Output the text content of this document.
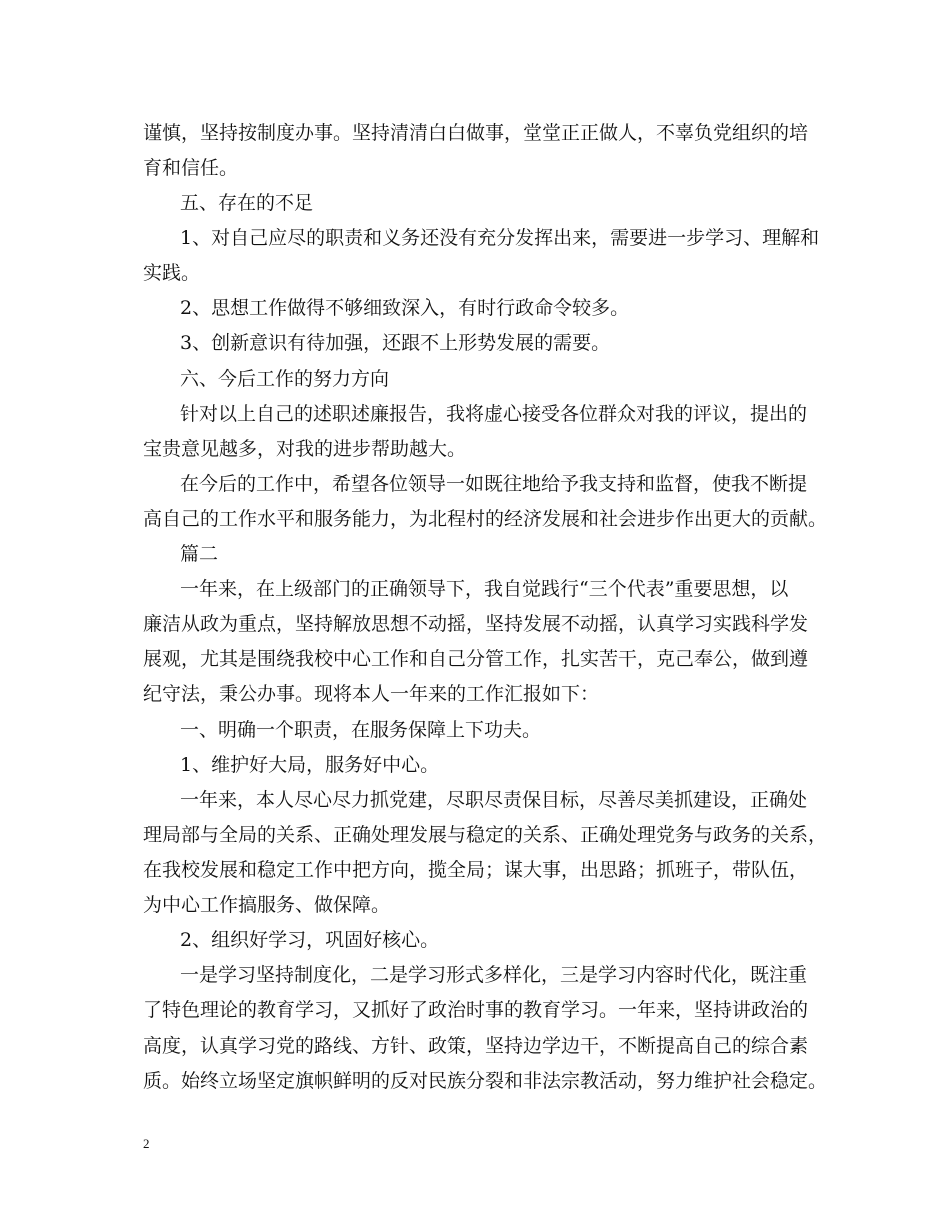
谨慎，坚持按制度办事。坚持清清白白做事，堂堂正正做人，不辜负党组织的培
育和信任。
五、存在的不足
1、对自己应尽的职责和义务还没有充分发挥出来，需要进一步学习、理解和
实践。
2、思想工作做得不够细致深入，有时行政命令较多。
3、创新意识有待加强，还跟不上形势发展的需要。
六、今后工作的努力方向
针对以上自己的述职述廉报告，我将虚心接受各位群众对我的评议，提出的
宝贵意见越多，对我的进步帮助越大。
在今后的工作中，希望各位领导一如既往地给予我支持和监督，使我不断提
高自己的工作水平和服务能力，为北程村的经济发展和社会进步作出更大的贡献。
篇二
一年来，在上级部门的正确领导下，我自觉践行“三个代表”重要思想，以
廉洁从政为重点，坚持解放思想不动摇，坚持发展不动摇，认真学习实践科学发
展观，尤其是围绕我校中心工作和自己分管工作，扎实苦干，克己奉公，做到遵
纪守法，秉公办事。现将本人一年来的工作汇报如下：
一、明确一个职责，在服务保障上下功夫。
1、维护好大局，服务好中心。
一年来，本人尽心尽力抓党建，尽职尽责保目标，尽善尽美抓建设，正确处
理局部与全局的关系、正确处理发展与稳定的关系、正确处理党务与政务的关系，
在我校发展和稳定工作中把方向，揽全局；谋大事，出思路；抓班子，带队伍，
为中心工作搞服务、做保障。
2、组织好学习，巩固好核心。
一是学习坚持制度化，二是学习形式多样化，三是学习内容时代化，既注重
了特色理论的教育学习，又抓好了政治时事的教育学习。一年来，坚持讲政治的
高度，认真学习党的路线、方针、政策，坚持边学边干，不断提高自己的综合素
质。始终立场坚定旗帜鲜明的反对民族分裂和非法宗教活动，努力维护社会稳定。
2
